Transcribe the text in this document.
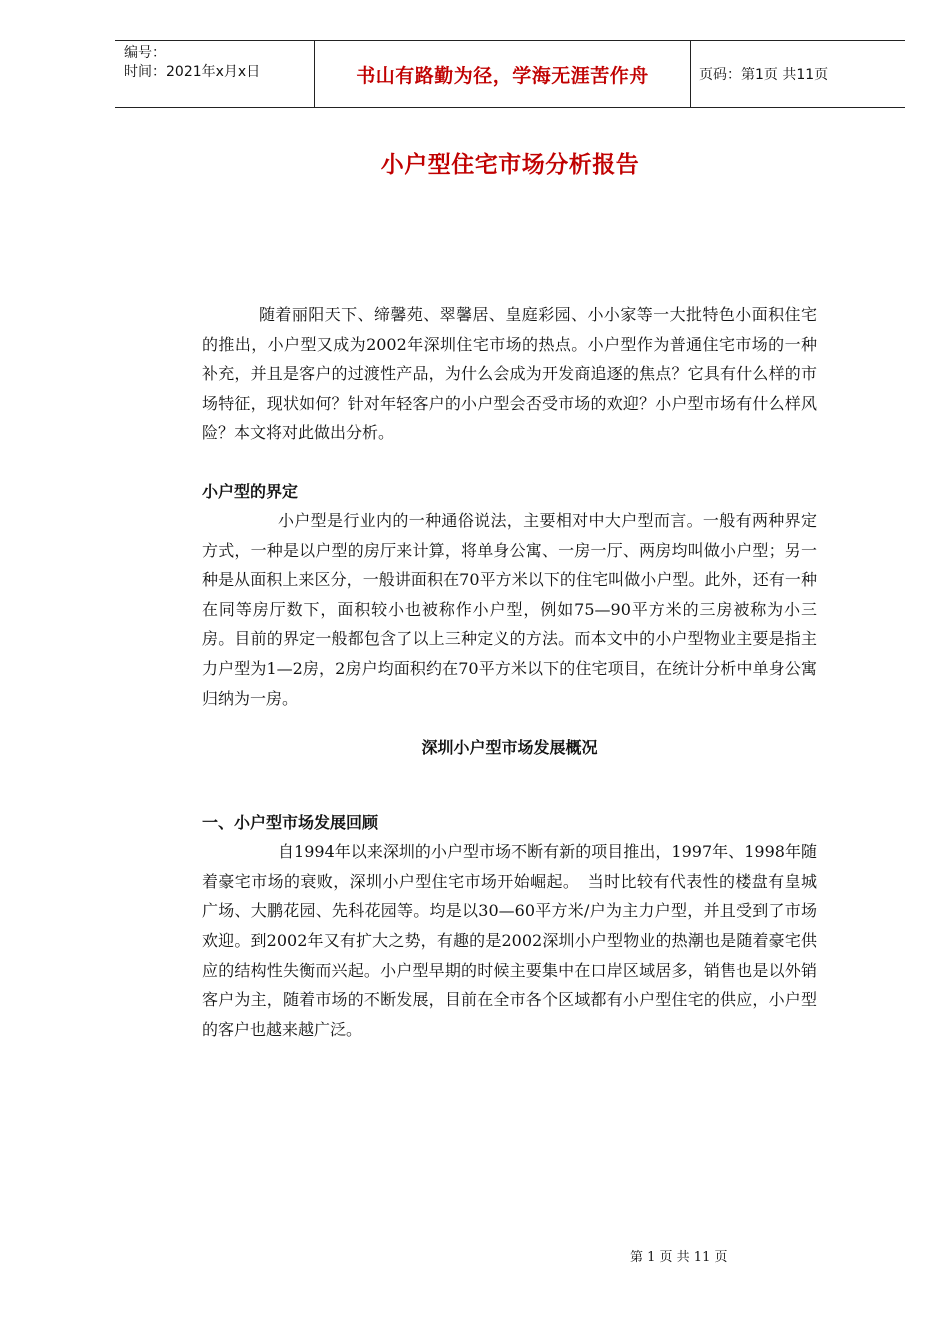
编号：
时间：2021年x月x日	书山有路勤为径，学海无涯苦作舟	页码：第1页 共11页
小户型住宅市场分析报告

随着丽阳天下、缔馨苑、翠馨居、皇庭彩园、小小家等一大批特色小面积住宅的推出，小户型又成为2002年深圳住宅市场的热点。小户型作为普通住宅市场的一种补充，并且是客户的过渡性产品，为什么会成为开发商追逐的焦点？它具有什么样的市场特征，现状如何？针对年轻客户的小户型会否受市场的欢迎？小户型市场有什么样风险？本文将对此做出分析。

小户型的界定

小户型是行业内的一种通俗说法，主要相对中大户型而言。一般有两种界定方式，一种是以户型的房厅来计算，将单身公寓、一房一厅、两房均叫做小户型；另一种是从面积上来区分，一般讲面积在70平方米以下的住宅叫做小户型。此外，还有一种在同等房厅数下，面积较小也被称作小户型，例如75—90平方米的三房被称为小三房。目前的界定一般都包含了以上三种定义的方法。而本文中的小户型物业主要是指主力户型为1—2房，2房户均面积约在70平方米以下的住宅项目，在统计分析中单身公寓归纳为一房。

深圳小户型市场发展概况

一、小户型市场发展回顾

自1994年以来深圳的小户型市场不断有新的项目推出，1997年、1998年随着豪宅市场的衰败，深圳小户型住宅市场开始崛起。　当时比较有代表性的楼盘有皇城广场、大鹏花园、先科花园等。均是以30—60平方米/户为主力户型，并且受到了市场欢迎。到2002年又有扩大之势，有趣的是2002深圳小户型物业的热潮也是随着豪宅供应的结构性失衡而兴起。小户型早期的时候主要集中在口岸区域居多，销售也是以外销客户为主，随着市场的不断发展，目前在全市各个区域都有小户型住宅的供应，小户型的客户也越来越广泛。

第 1 页 共 11 页
